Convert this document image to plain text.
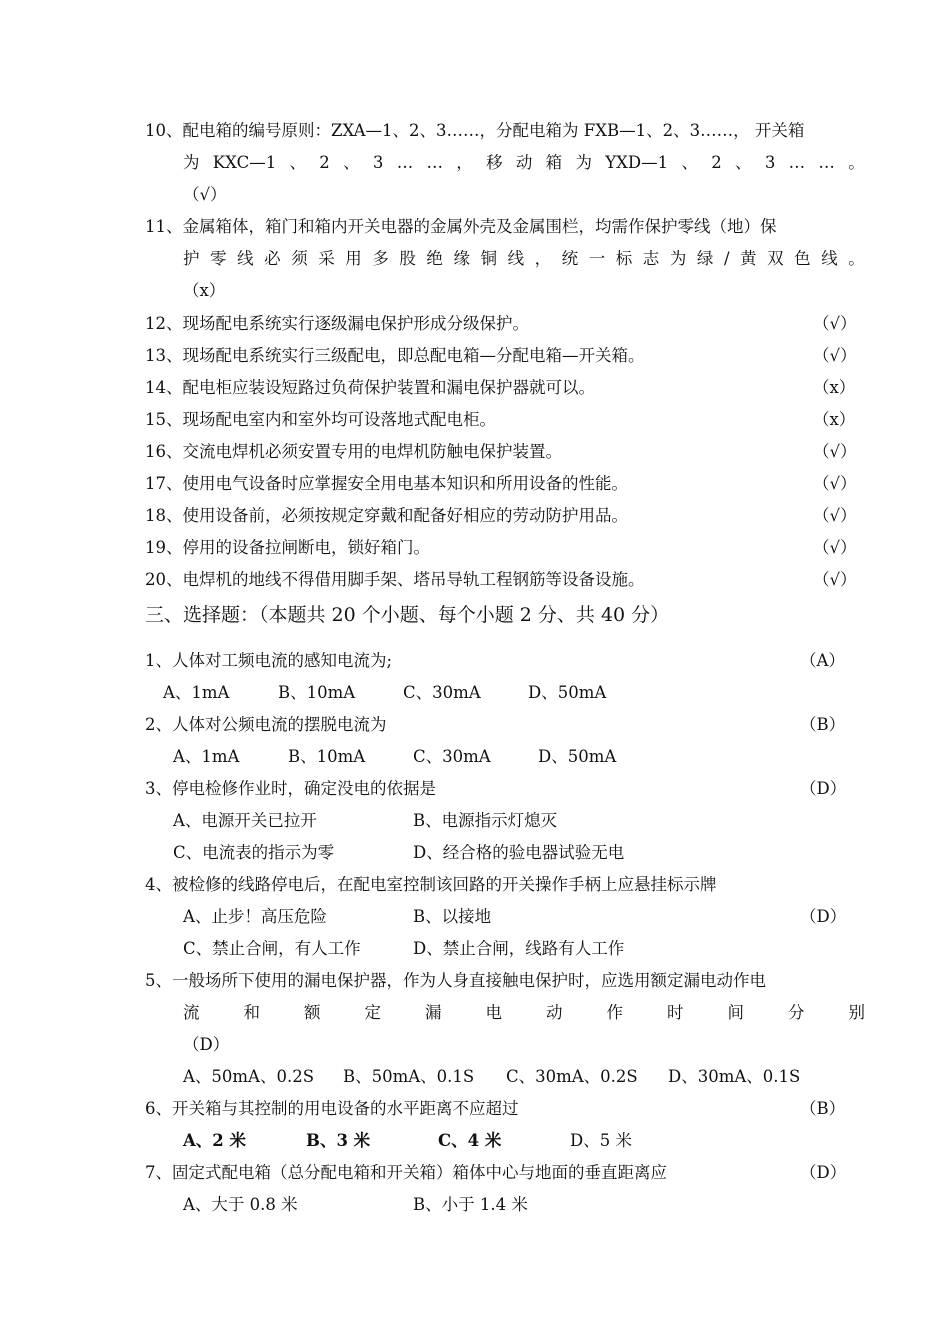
10、配电箱的编号原则：ZXA—1、2、3……，分配电箱为 FXB—1、2、3……， 开关箱
为 KXC—1 、 2 、 3 … … ， 移 动 箱 为 YXD—1 、 2 、 3 … … 。
（√）
11、金属箱体，箱门和箱内开关电器的金属外壳及金属围栏，均需作保护零线（地）保
护 零 线 必 须 采 用 多 股 绝 缘 铜 线 ， 统 一 标 志 为 绿 / 黄 双 色 线 。
（x）
12、现场配电系统实行逐级漏电保护形成分级保护。	（√）
13、现场配电系统实行三级配电，即总配电箱—分配电箱—开关箱。	（√）
14、配电柜应装设短路过负荷保护装置和漏电保护器就可以。	（x）
15、现场配电室内和室外均可设落地式配电柜。	（x）
16、交流电焊机必须安置专用的电焊机防触电保护装置。	（√）
17、使用电气设备时应掌握安全用电基本知识和所用设备的性能。	（√）
18、使用设备前，必须按规定穿戴和配备好相应的劳动防护用品。	（√）
19、停用的设备拉闸断电，锁好箱门。	（√）
20、电焊机的地线不得借用脚手架、塔吊导轨工程钢筋等设备设施。	（√）
三、选择题：（本题共 20 个小题、每个小题 2 分、共 40 分）
1、人体对工频电流的感知电流为;	（A）
A、1mA	B、10mA	C、30mA	D、50mA
2、人体对公频电流的摆脱电流为	（B）
A、1mA	B、10mA	C、30mA	D、50mA
3、停电检修作业时，确定没电的依据是	（D）
A、电源开关已拉开	B、电源指示灯熄灭
C、电流表的指示为零	D、经合格的验电器试验无电
4、被检修的线路停电后，在配电室控制该回路的开关操作手柄上应悬挂标示牌
A、止步！高压危险	B、以接地	（D）
C、禁止合闸，有人工作	D、禁止合闸，线路有人工作
5、一般场所下使用的漏电保护器，作为人身直接触电保护时，应选用额定漏电动作电
流	和	额	定	漏	电	动	作	时	间	分	别
（D）
A、50mA、0.2S B、50mA、0.1S C、30mA、0.2S D、30mA、0.1S
6、开关箱与其控制的用电设备的水平距离不应超过	（B）
A、2 米	B、3 米	C、4 米	D、5 米
7、固定式配电箱（总分配电箱和开关箱）箱体中心与地面的垂直距离应	（D）
A、大于 0.8 米	B、小于 1.4 米
